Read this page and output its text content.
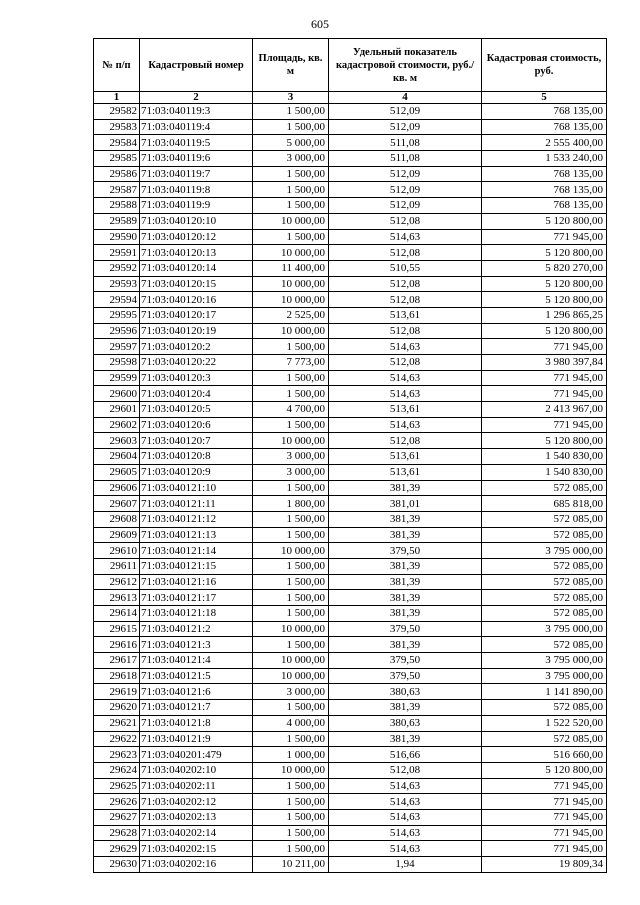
605
№ п/п	Кадастровый номер	Площадь, кв. м	Удельный показатель кадастровой стоимости, руб./кв. м	Кадастровая стоимость, руб.
1	2	3	4	5
29582	71:03:040119:3	1 500,00	512,09	768 135,00
29583	71:03:040119:4	1 500,00	512,09	768 135,00
29584	71:03:040119:5	5 000,00	511,08	2 555 400,00
29585	71:03:040119:6	3 000,00	511,08	1 533 240,00
29586	71:03:040119:7	1 500,00	512,09	768 135,00
29587	71:03:040119:8	1 500,00	512,09	768 135,00
29588	71:03:040119:9	1 500,00	512,09	768 135,00
29589	71:03:040120:10	10 000,00	512,08	5 120 800,00
29590	71:03:040120:12	1 500,00	514,63	771 945,00
29591	71:03:040120:13	10 000,00	512,08	5 120 800,00
29592	71:03:040120:14	11 400,00	510,55	5 820 270,00
29593	71:03:040120:15	10 000,00	512,08	5 120 800,00
29594	71:03:040120:16	10 000,00	512,08	5 120 800,00
29595	71:03:040120:17	2 525,00	513,61	1 296 865,25
29596	71:03:040120:19	10 000,00	512,08	5 120 800,00
29597	71:03:040120:2	1 500,00	514,63	771 945,00
29598	71:03:040120:22	7 773,00	512,08	3 980 397,84
29599	71:03:040120:3	1 500,00	514,63	771 945,00
29600	71:03:040120:4	1 500,00	514,63	771 945,00
29601	71:03:040120:5	4 700,00	513,61	2 413 967,00
29602	71:03:040120:6	1 500,00	514,63	771 945,00
29603	71:03:040120:7	10 000,00	512,08	5 120 800,00
29604	71:03:040120:8	3 000,00	513,61	1 540 830,00
29605	71:03:040120:9	3 000,00	513,61	1 540 830,00
29606	71:03:040121:10	1 500,00	381,39	572 085,00
29607	71:03:040121:11	1 800,00	381,01	685 818,00
29608	71:03:040121:12	1 500,00	381,39	572 085,00
29609	71:03:040121:13	1 500,00	381,39	572 085,00
29610	71:03:040121:14	10 000,00	379,50	3 795 000,00
29611	71:03:040121:15	1 500,00	381,39	572 085,00
29612	71:03:040121:16	1 500,00	381,39	572 085,00
29613	71:03:040121:17	1 500,00	381,39	572 085,00
29614	71:03:040121:18	1 500,00	381,39	572 085,00
29615	71:03:040121:2	10 000,00	379,50	3 795 000,00
29616	71:03:040121:3	1 500,00	381,39	572 085,00
29617	71:03:040121:4	10 000,00	379,50	3 795 000,00
29618	71:03:040121:5	10 000,00	379,50	3 795 000,00
29619	71:03:040121:6	3 000,00	380,63	1 141 890,00
29620	71:03:040121:7	1 500,00	381,39	572 085,00
29621	71:03:040121:8	4 000,00	380,63	1 522 520,00
29622	71:03:040121:9	1 500,00	381,39	572 085,00
29623	71:03:040201:479	1 000,00	516,66	516 660,00
29624	71:03:040202:10	10 000,00	512,08	5 120 800,00
29625	71:03:040202:11	1 500,00	514,63	771 945,00
29626	71:03:040202:12	1 500,00	514,63	771 945,00
29627	71:03:040202:13	1 500,00	514,63	771 945,00
29628	71:03:040202:14	1 500,00	514,63	771 945,00
29629	71:03:040202:15	1 500,00	514,63	771 945,00
29630	71:03:040202:16	10 211,00	1,94	19 809,34
